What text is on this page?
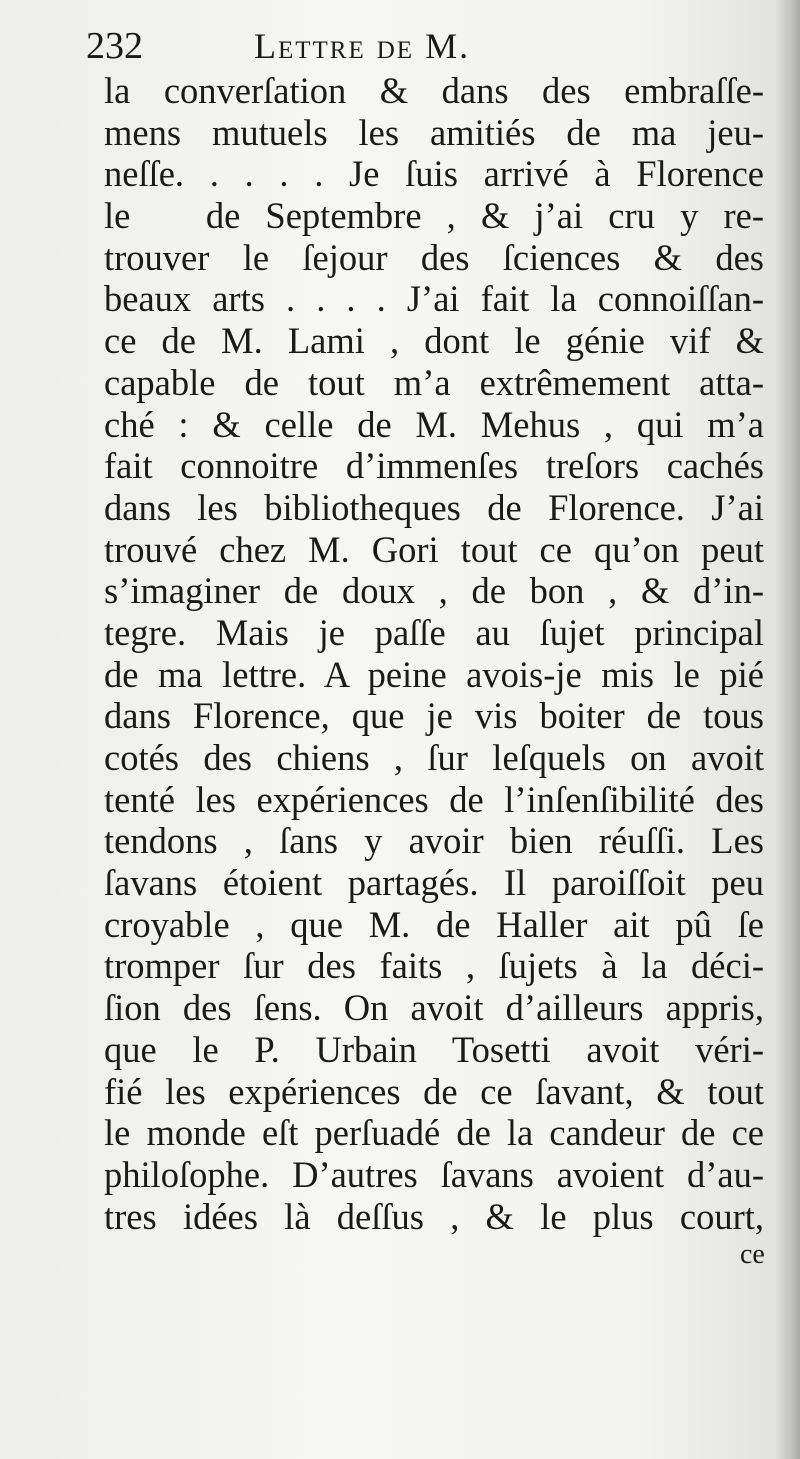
232	Lettre de M.
la converſation & dans des embraſſe-
mens mutuels les amitiés de ma jeu-
neſſe. . . . . Je ſuis arrivé à Florence
le   de Septembre , & j’ai cru y re-
trouver le ſejour des ſciences & des
beaux arts . . . . J’ai fait la connoiſſan-
ce de M. Lami , dont le génie vif &
capable de tout m’a extrêmement atta-
ché : & celle de M. Mehus , qui m’a
fait connoitre d’immenſes treſors cachés
dans les bibliotheques de Florence. J’ai
trouvé chez M. Gori tout ce qu’on peut
s’imaginer de doux , de bon , & d’in-
tegre. Mais je paſſe au ſujet principal
de ma lettre. A peine avois-je mis le pié
dans Florence, que je vis boiter de tous
cotés des chiens , ſur leſquels on avoit
tenté les expériences de l’inſenſibilité des
tendons , ſans y avoir bien réuſſi. Les
ſavans étoient partagés. Il paroiſſoit peu
croyable , que M. de Haller ait pû ſe
tromper ſur des faits , ſujets à la déci-
ſion des ſens. On avoit d’ailleurs appris,
que le P. Urbain Tosetti avoit véri-
fié les expériences de ce ſavant, & tout
le monde eſt perſuadé de la candeur de ce
philoſophe. D’autres ſavans avoient d’au-
tres idées là deſſus , & le plus court,
ce
